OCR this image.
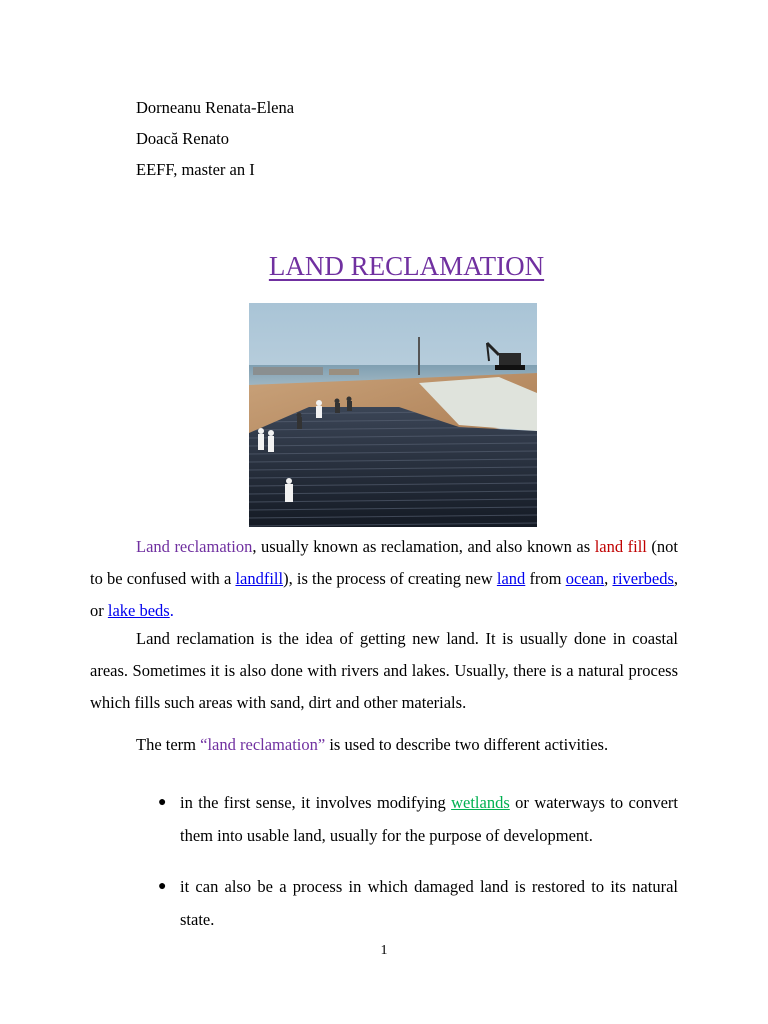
Dorneanu Renata-Elena
Doacă Renato
EEFF, master an I
LAND RECLAMATION
Land reclamation, usually known as reclamation, and also known as land fill (not to be confused with a landfill), is the process of creating new land from ocean, riverbeds, or lake beds.
Land reclamation is the idea of getting new land. It is usually done in coastal areas. Sometimes it is also done with rivers and lakes. Usually, there is a natural process which fills such areas with sand, dirt and other materials.
The term “land reclamation” is used to describe two different activities.
● in the first sense, it involves modifying wetlands or waterways to convert them into usable land, usually for the purpose of development.
● it can also be a process in which damaged land is restored to its natural state.
1
